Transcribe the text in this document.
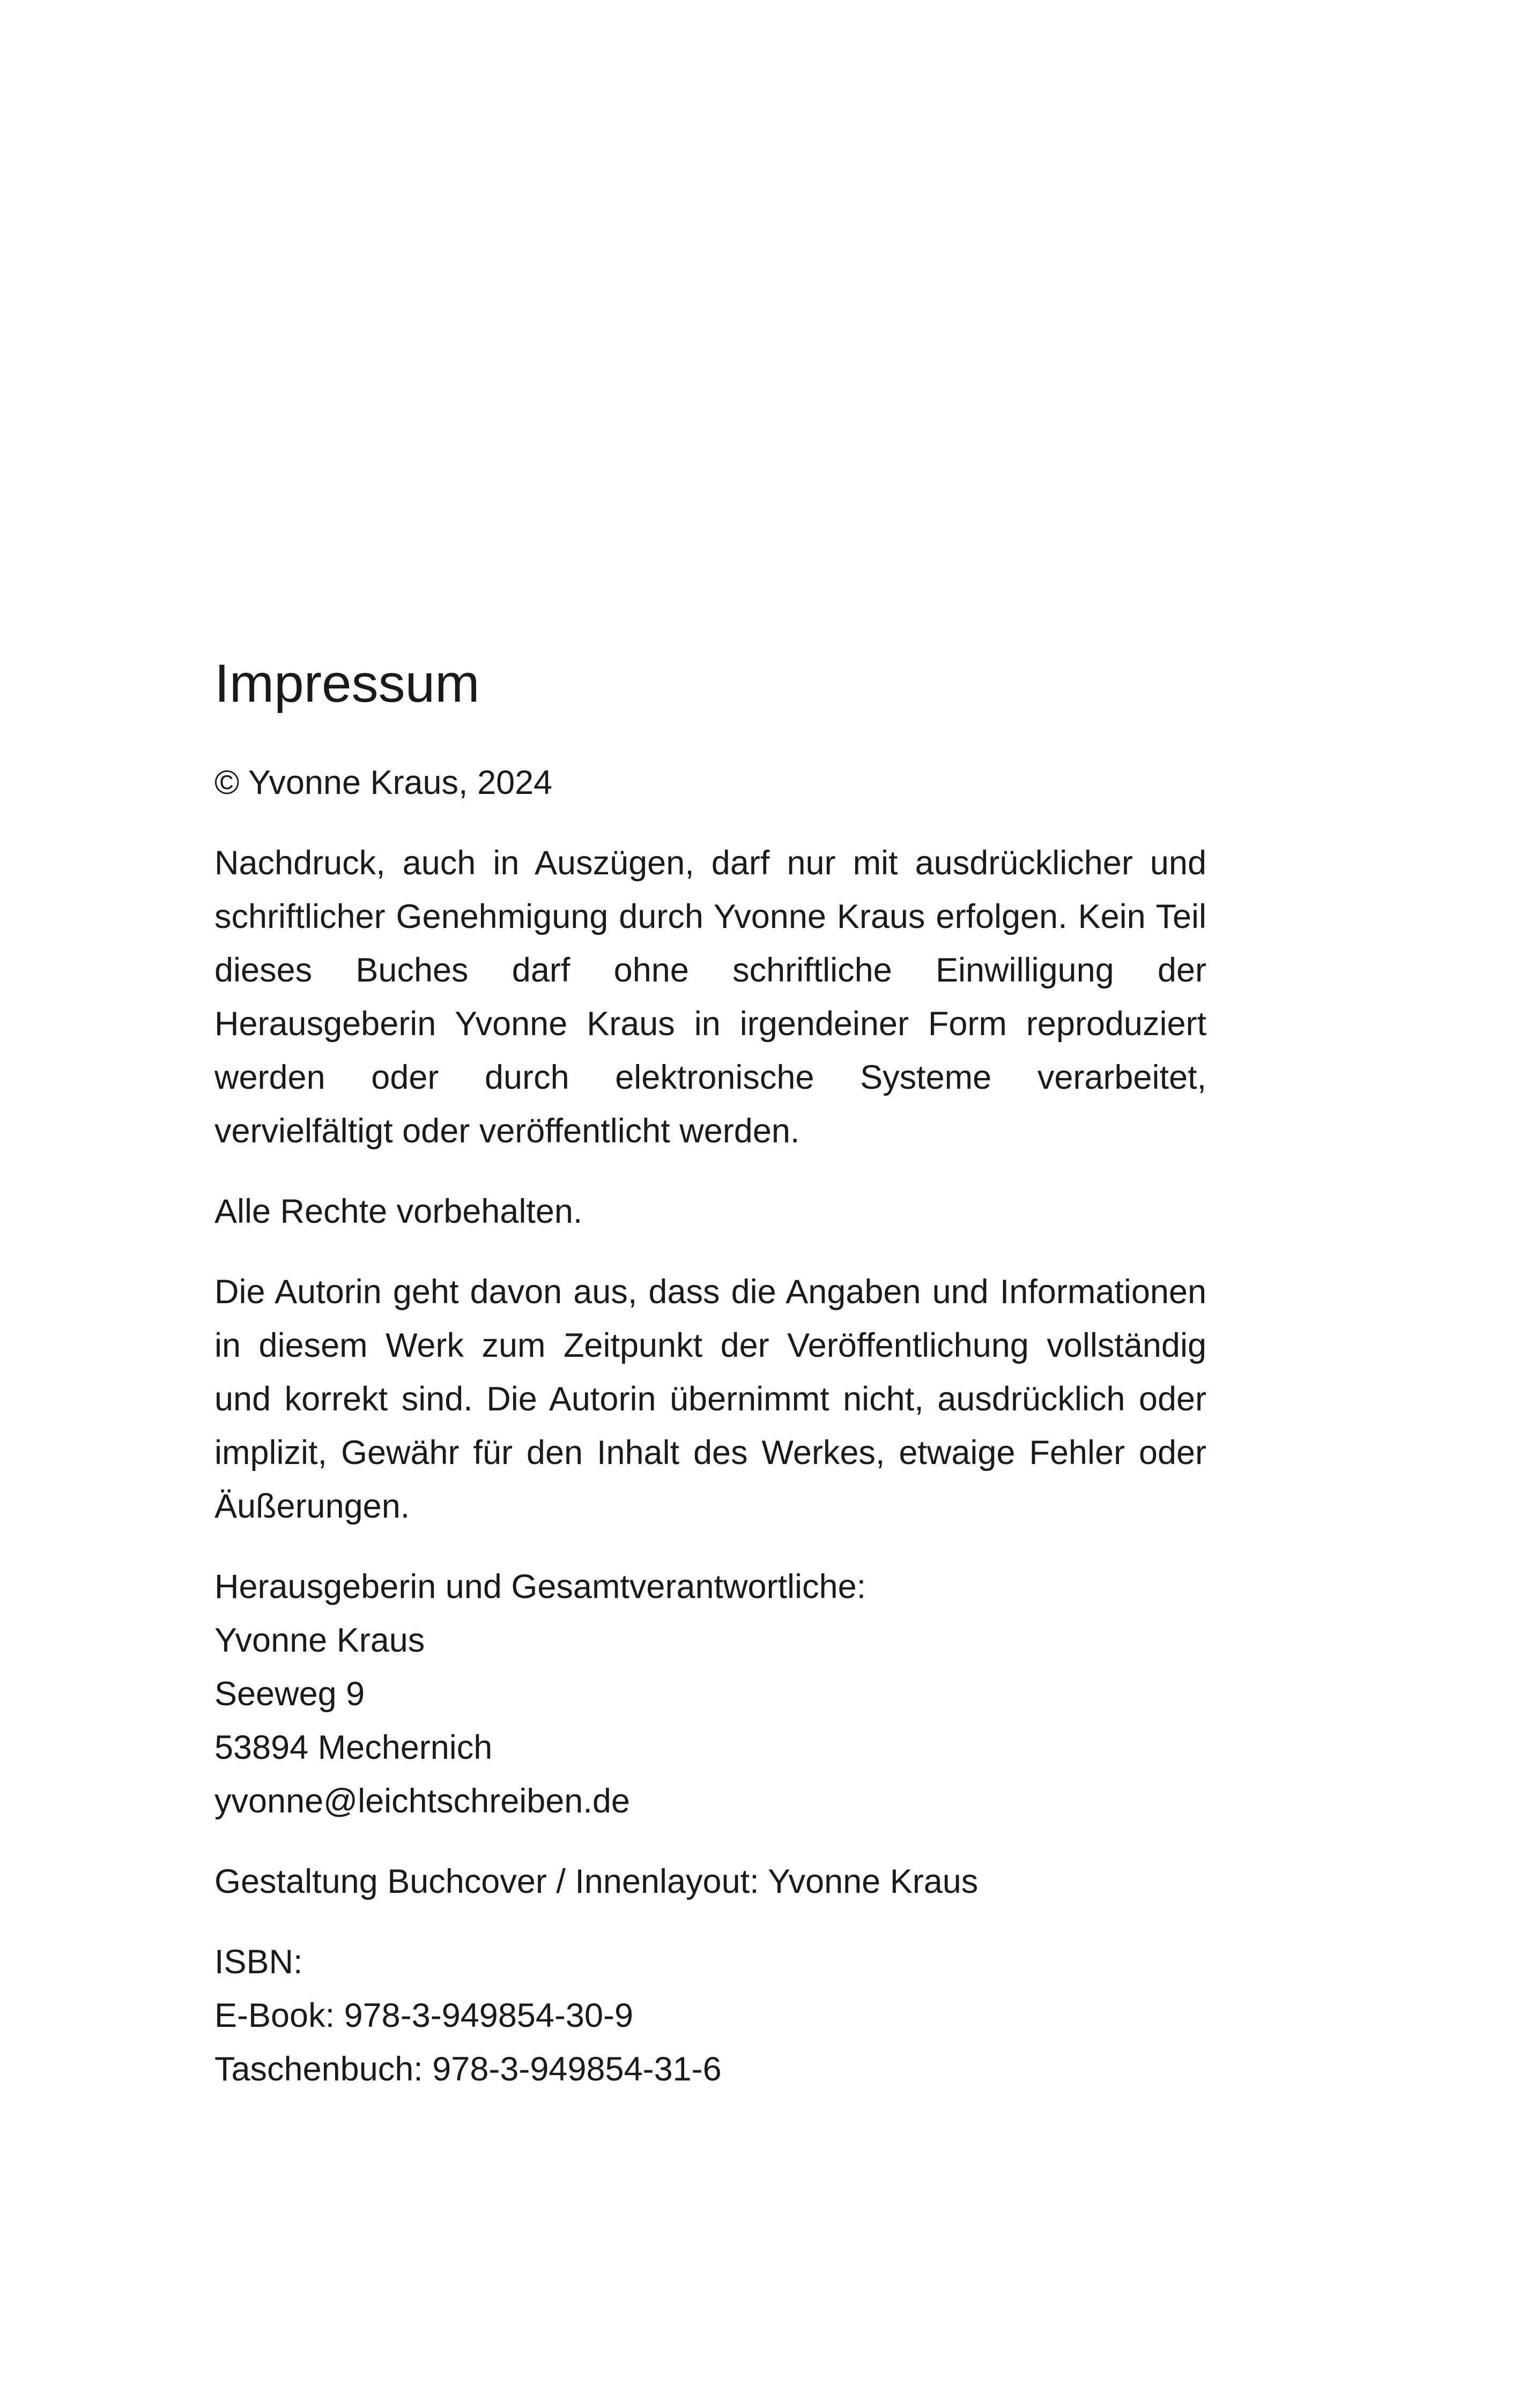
Impressum

© Yvonne Kraus, 2024

Nachdruck, auch in Auszügen, darf nur mit ausdrücklicher und schriftlicher Genehmigung durch Yvonne Kraus erfolgen. Kein Teil dieses Buches darf ohne schriftliche Einwilligung der Herausgeberin Yvonne Kraus in irgendeiner Form reproduziert werden oder durch elektronische Systeme verarbeitet, vervielfältigt oder veröffentlicht werden.

Alle Rechte vorbehalten.

Die Autorin geht davon aus, dass die Angaben und Informationen in diesem Werk zum Zeitpunkt der Veröffentlichung vollständig und korrekt sind. Die Autorin übernimmt nicht, ausdrücklich oder implizit, Gewähr für den Inhalt des Werkes, etwaige Fehler oder Äußerungen.

Herausgeberin und Gesamtverantwortliche:
Yvonne Kraus
Seeweg 9
53894 Mechernich
yvonne@leichtschreiben.de

Gestaltung Buchcover / Innenlayout: Yvonne Kraus

ISBN:
E-Book: 978-3-949854-30-9
Taschenbuch: 978-3-949854-31-6
